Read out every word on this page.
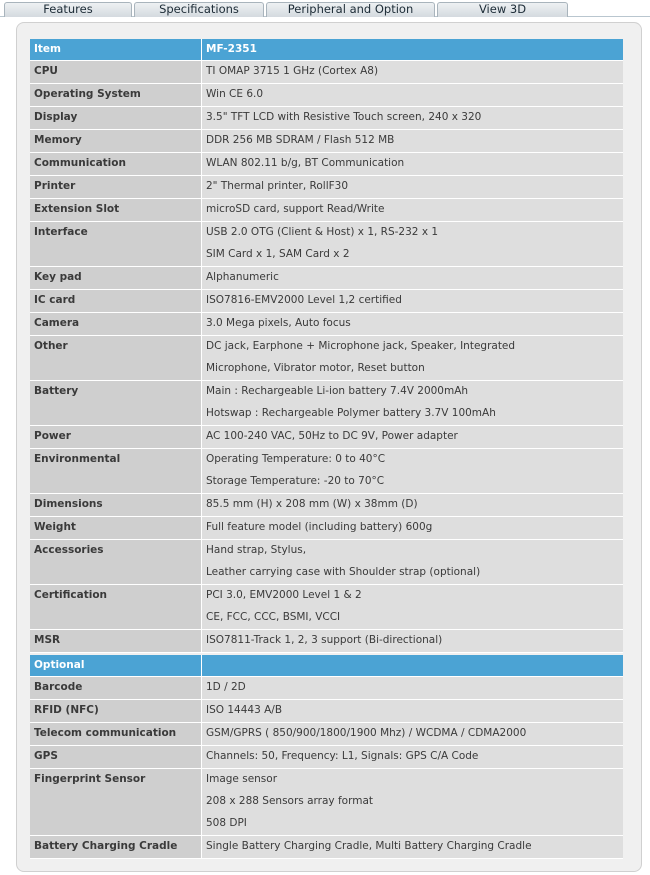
Features	Specifications	Peripheral and Option	View 3D
Item	MF-2351

CPU	TI OMAP 3715 1 GHz (Cortex A8)

Operating System	Win CE 6.0

Display	3.5" TFT LCD with Resistive Touch screen, 240 x 320

Memory	DDR 256 MB SDRAM / Flash 512 MB

Communication	WLAN 802.11 b/g, BT Communication

Printer	2" Thermal printer, RollF30

Extension Slot	microSD card, support Read/Write

Interface	USB 2.0 OTG (Client & Host) x 1, RS-232 x 1
SIM Card x 1, SAM Card x 2

Key pad	Alphanumeric

IC card	ISO7816-EMV2000 Level 1,2 certified

Camera	3.0 Mega pixels, Auto focus

Other	DC jack, Earphone + Microphone jack, Speaker, Integrated
Microphone, Vibrator motor, Reset button

Battery	Main : Rechargeable Li-ion battery 7.4V 2000mAh
Hotswap : Rechargeable Polymer battery 3.7V 100mAh

Power	AC 100-240 VAC, 50Hz to DC 9V, Power adapter

Environmental	Operating Temperature: 0 to 40°C
Storage Temperature: -20 to 70°C

Dimensions	85.5 mm (H) x 208 mm (W) x 38mm (D)

Weight	Full feature model (including battery) 600g

Accessories	Hand strap, Stylus,
Leather carrying case with Shoulder strap (optional)

Certification	PCI 3.0, EMV2000 Level 1 & 2
CE, FCC, CCC, BSMI, VCCI

MSR	ISO7811-Track 1, 2, 3 support (Bi-directional)
Optional	

Barcode	1D / 2D

RFID (NFC)	ISO 14443 A/B

Telecom communication	GSM/GPRS ( 850/900/1800/1900 Mhz) / WCDMA / CDMA2000

GPS	Channels: 50, Frequency: L1, Signals: GPS C/A Code

Fingerprint Sensor	Image sensor
208 x 288 Sensors array format
508 DPI

Battery Charging Cradle	Single Battery Charging Cradle, Multi Battery Charging Cradle
